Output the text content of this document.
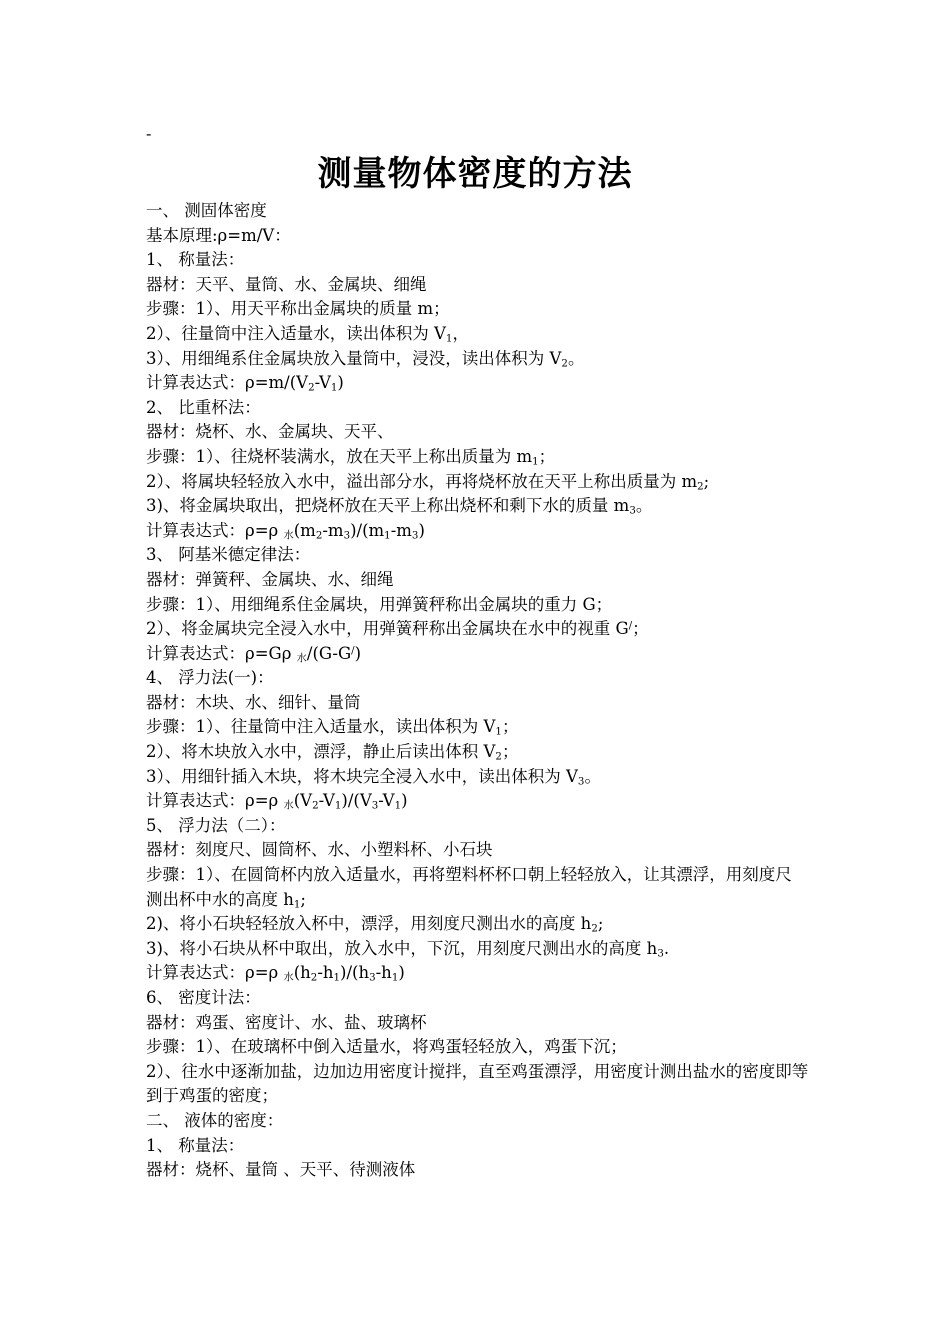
-
测量物体密度的方法
一、 测固体密度
基本原理:ρ=m/V：
1、 称量法：
器材：天平、量筒、水、金属块、细绳
步骤：1）、用天平称出金属块的质量 m；
2）、往量筒中注入适量水，读出体积为 $V_1$，
3）、用细绳系住金属块放入量筒中，浸没，读出体积为 $V_2$。
计算表达式：$\rho=m/(V_2-V_1)$
2、 比重杯法：
器材：烧杯、水、金属块、天平、
步骤：1）、往烧杯装满水，放在天平上称出质量为 $m_1$；
2）、将属块轻轻放入水中，溢出部分水，再将烧杯放在天平上称出质量为 $m_2$;
3)、将金属块取出，把烧杯放在天平上称出烧杯和剩下水的质量 $m_3$。
计算表达式：ρ=ρ $_水(m_2-m_3)/(m_1-m_3)$
3、 阿基米德定律法：
器材：弹簧秤、金属块、水、细绳
步骤：1）、用细绳系住金属块，用弹簧秤称出金属块的重力 G；
2）、将金属块完全浸入水中，用弹簧秤称出金属块在水中的视重 G/；
计算表达式：ρ=Gρ $_水$/(G-G/)
4、 浮力法(一)：
器材：木块、水、细针、量筒
步骤：1）、往量筒中注入适量水，读出体积为 $V_1$；
2）、将木块放入水中，漂浮，静止后读出体积 $V_2$；
3）、用细针插入木块，将木块完全浸入水中，读出体积为 $V_3$。
计算表达式：ρ=ρ $_水(V_2-V_1)/(V_3-V_1)$
5、 浮力法（二）：
器材：刻度尺、圆筒杯、水、小塑料杯、小石块
步骤：1）、在圆筒杯内放入适量水，再将塑料杯杯口朝上轻轻放入，让其漂浮，用刻度尺
测出杯中水的高度 $h_1$;
2)、将小石块轻轻放入杯中，漂浮，用刻度尺测出水的高度 $h_2$;
3)、将小石块从杯中取出，放入水中，下沉，用刻度尺测出水的高度 $h_3$.
计算表达式：ρ=ρ $_水(h_2-h_1)/(h_3-h_1)$
6、 密度计法：
器材：鸡蛋、密度计、水、盐、玻璃杯
步骤：1）、在玻璃杯中倒入适量水，将鸡蛋轻轻放入，鸡蛋下沉；
2）、往水中逐渐加盐，边加边用密度计搅拌，直至鸡蛋漂浮，用密度计测出盐水的密度即等到于鸡蛋的密度；
二、 液体的密度：
1、 称量法：
器材：烧杯、量筒 、天平、待测液体
